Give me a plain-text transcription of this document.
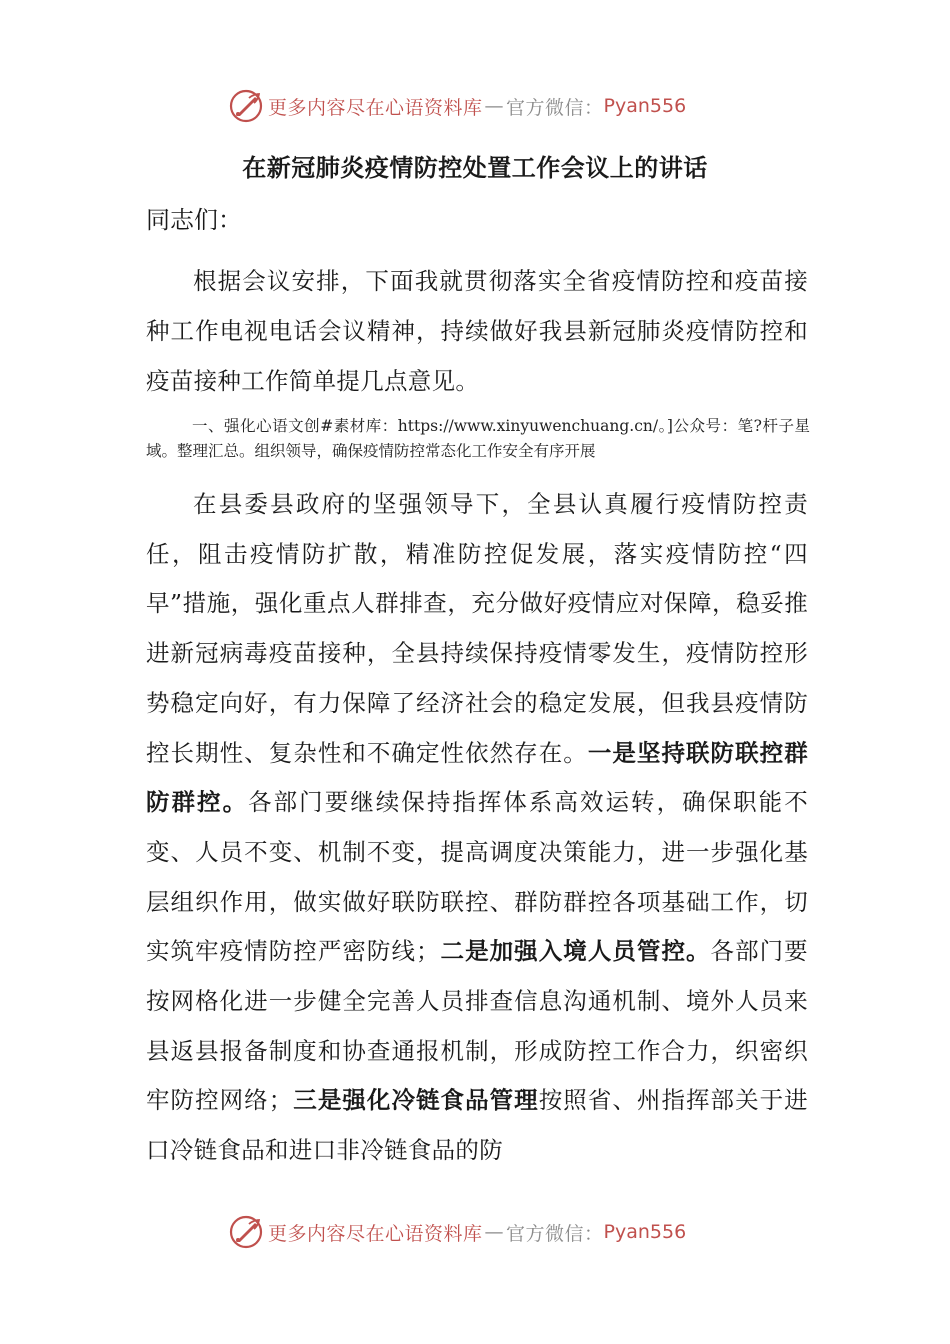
更多内容尽在心语资料库 — 官方微信： Pyan556
在新冠肺炎疫情防控处置工作会议上的讲话
同志们：
根据会议安排，下面我就贯彻落实全省疫情防控和疫苗接种工作电视电话会议精神，持续做好我县新冠肺炎疫情防控和疫苗接种工作简单提几点意见。
一、强化心语文创#素材库：https://www.xinyuwenchuang.cn/。]公众号：笔?杆子星域。整理汇总。组织领导，确保疫情防控常态化工作安全有序开展
在县委县政府的坚强领导下，全县认真履行疫情防控责任，阻击疫情防扩散，精准防控促发展，落实疫情防控“四早”措施，强化重点人群排查，充分做好疫情应对保障，稳妥推进新冠病毒疫苗接种，全县持续保持疫情零发生，疫情防控形势稳定向好，有力保障了经济社会的稳定发展，但我县疫情防控长期性、复杂性和不确定性依然存在。一是坚持联防联控群防群控。各部门要继续保持指挥体系高效运转，确保职能不变、人员不变、机制不变，提高调度决策能力，进一步强化基层组织作用，做实做好联防联控、群防群控各项基础工作，切实筑牢疫情防控严密防线；二是加强入境人员管控。各部门要按网格化进一步健全完善人员排查信息沟通机制、境外人员来县返县报备制度和协查通报机制，形成防控工作合力，织密织牢防控网络；三是强化冷链食品管理按照省、州指挥部关于进口冷链食品和进口非冷链食品的防
更多内容尽在心语资料库 — 官方微信： Pyan556
